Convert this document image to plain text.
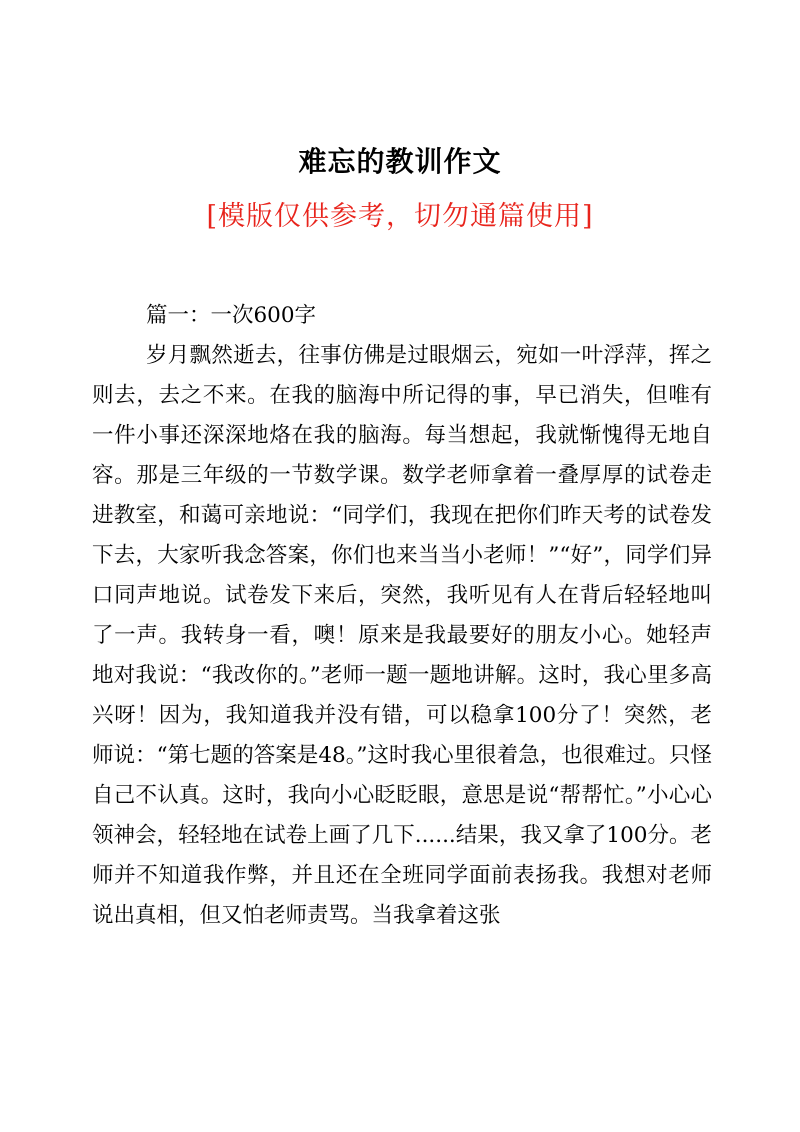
难忘的教训作文
[模版仅供参考，切勿通篇使用]

篇一：一次600字

岁月飘然逝去，往事仿佛是过眼烟云，宛如一叶浮萍，挥之则去，去之不来。在我的脑海中所记得的事，早已消失，但唯有一件小事还深深地烙在我的脑海。每当想起，我就惭愧得无地自容。那是三年级的一节数学课。数学老师拿着一叠厚厚的试卷走进教室，和蔼可亲地说：“同学们，我现在把你们昨天考的试卷发下去，大家听我念答案，你们也来当当小老师！”“好”，同学们异口同声地说。试卷发下来后，突然，我听见有人在背后轻轻地叫了一声。我转身一看，噢！原来是我最要好的朋友小心。她轻声地对我说：“我改你的。”老师一题一题地讲解。这时，我心里多高兴呀！因为，我知道我并没有错，可以稳拿100分了！突然，老师说：“第七题的答案是48。”这时我心里很着急，也很难过。只怪自己不认真。这时，我向小心眨眨眼，意思是说“帮帮忙。”小心心领神会，轻轻地在试卷上画了几下......结果，我又拿了100分。老师并不知道我作弊，并且还在全班同学面前表扬我。我想对老师说出真相，但又怕老师责骂。当我拿着这张
